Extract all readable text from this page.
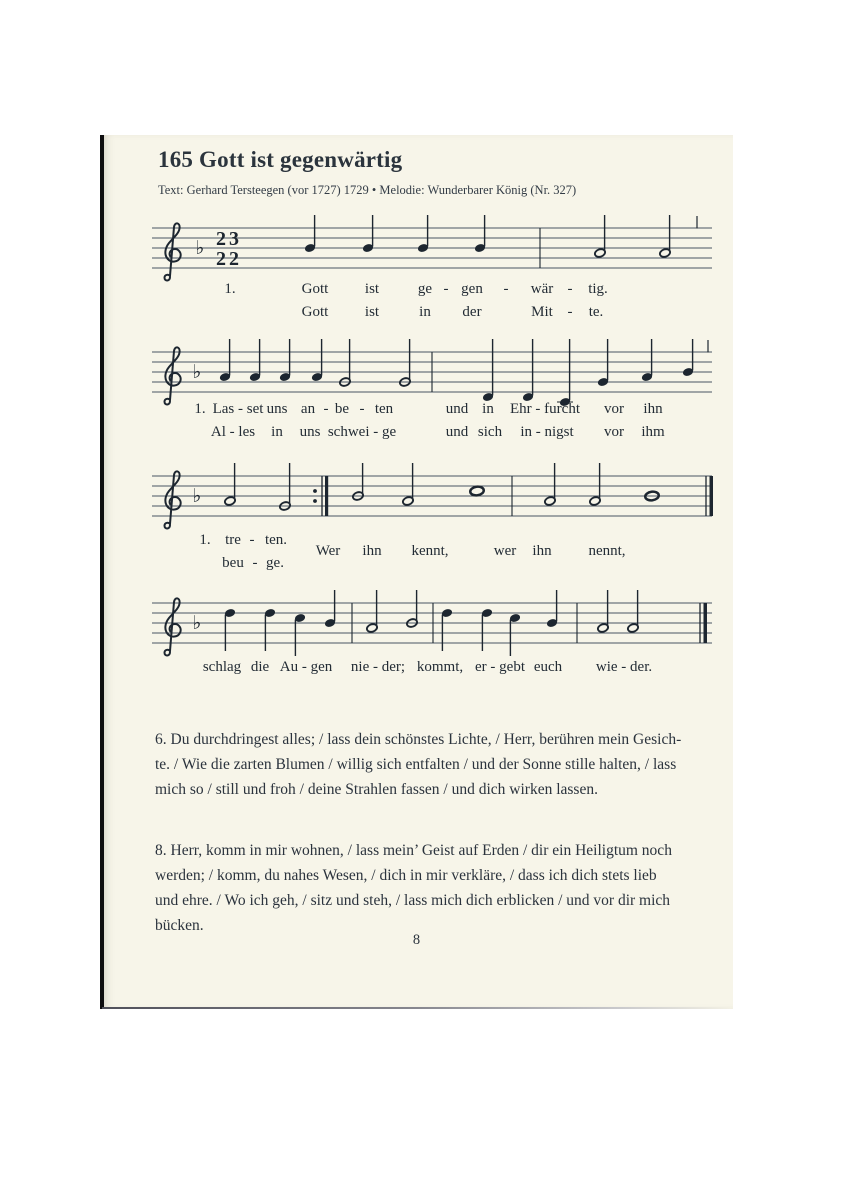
165 Gott ist gegenwärtig
Text: Gerhard Tersteegen (vor 1727) 1729 • Melodie: Wunderbarer König (Nr. 327)
6. Du durchdringest alles; / lass dein schönstes Lichte, / Herr, berühren mein Gesich-
te. / Wie die zarten Blumen / willig sich entfalten / und der Sonne stille halten, / lass
mich so / still und froh / deine Strahlen fassen / und dich wirken lassen.
8. Herr, komm in mir wohnen, / lass mein’ Geist auf Erden / dir ein Heiligtum noch
werden; / komm, du nahes Wesen, / dich in mir verkläre, / dass ich dich stets lieb
und ehre. / Wo ich geh, / sitz und steh, / lass mich dich erblicken / und vor dir mich
bücken.
8
♭ 23
22
1.	Gott ist	ge - gen - wär - tig.
Gott ist	in der	Mit - te.
♭
1. Las - set uns an - be - ten	und in Ehr - furcht vor ihn
Al - les in uns schwei - ge	und sich in - nigst vor ihm
♭
1. tre - ten.
beu - ge.
Wer ihn kennt,	wer ihn nennt,
♭
schlag die Au - gen nie - der; kommt, er - gebt euch wie - der.
